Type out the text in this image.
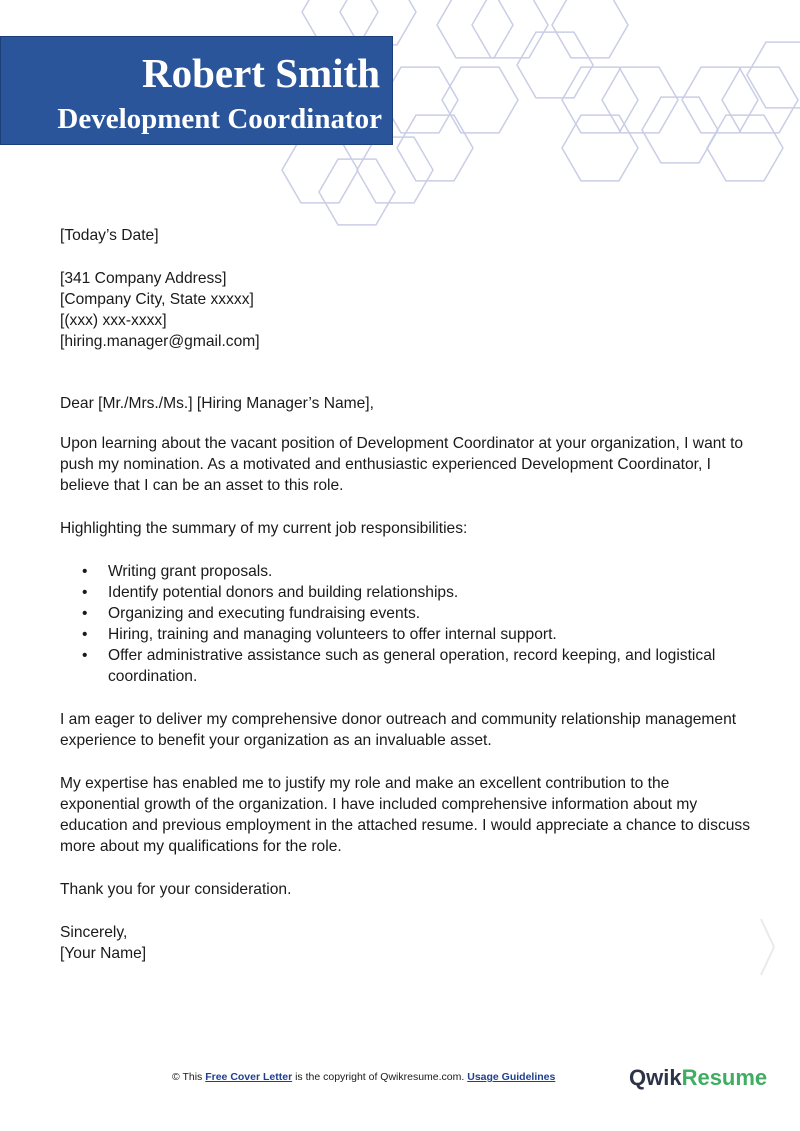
Robert Smith
Development Coordinator

[Today’s Date]

[341 Company Address]

[Company City, State xxxxx]

[(xxx) xxx-xxxx]

[hiring.manager@gmail.com]

Dear [Mr./Mrs./Ms.] [Hiring Manager’s Name],

Upon learning about the vacant position of Development Coordinator at your organization, I want to push my nomination. As a motivated and enthusiastic experienced Development Coordinator, I believe that I can be an asset to this role.

Highlighting the summary of my current job responsibilities:

• Writing grant proposals.
• Identify potential donors and building relationships.
• Organizing and executing fundraising events.
• Hiring, training and managing volunteers to offer internal support.
• Offer administrative assistance such as general operation, record keeping, and logistical coordination.

I am eager to deliver my comprehensive donor outreach and community relationship management experience to benefit your organization as an invaluable asset.

My expertise has enabled me to justify my role and make an excellent contribution to the exponential growth of the organization. I have included comprehensive information about my education and previous employment in the attached resume. I would appreciate a chance to discuss more about my qualifications for the role.

Thank you for your consideration.

Sincerely,

[Your Name]

© This Free Cover Letter is the copyright of Qwikresume.com. Usage Guidelines	QwikResume
